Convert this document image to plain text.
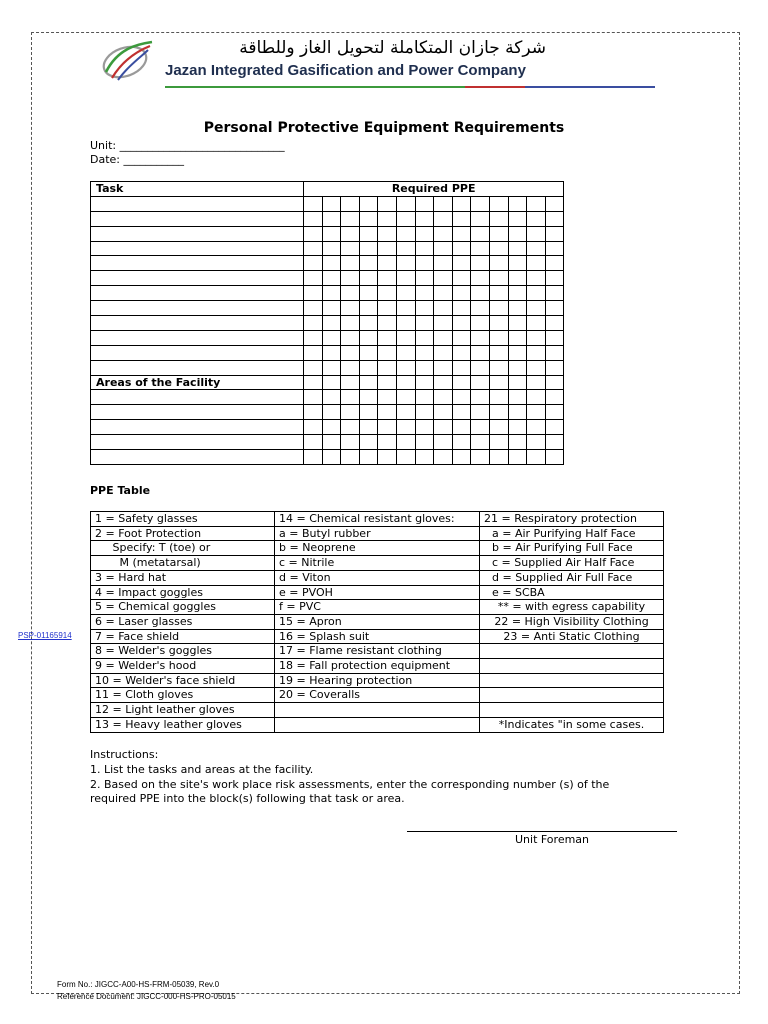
شركة جازان المتكاملة لتحويل الغاز وللطاقة
Jazan Integrated Gasification and Power Company
Personal Protective Equipment Requirements
Unit: ______________________________
Date: ___________
Task	Required PPE													

Areas of the Facility														

PPE Table
1 = Safety glasses	14 = Chemical resistant gloves:	21 = Respiratory protection
2 = Foot Protection	a = Butyl rubber	a = Air Purifying Half Face
Specify: T (toe) or	b = Neoprene	b = Air Purifying Full Face
M (metatarsal)	c = Nitrile	c = Supplied Air Half Face
3 = Hard hat	d = Viton	d = Supplied Air Full Face
4 = Impact goggles	e = PVOH	e = SCBA
5 = Chemical goggles	f = PVC	** = with egress capability
6 = Laser glasses	15 = Apron	22 = High Visibility Clothing
7 = Face shield	16 = Splash suit	23 = Anti Static Clothing
8 = Welder's goggles	17 = Flame resistant clothing	
9 = Welder's hood	18 = Fall protection equipment	
10 = Welder's face shield	19 = Hearing protection	
11 = Cloth gloves	20 = Coveralls	
12 = Light leather gloves		
13 = Heavy leather gloves		*Indicates "in some cases.
PSP-01165914
Instructions:
1. List the tasks and areas at the facility.
2. Based on the site's work place risk assessments, enter the corresponding number (s) of the
required PPE into the block(s) following that task or area.
Unit Foreman
Form No.: JIGCC-A00-HS-FRM-05039, Rev.0
Reference Document: JIGCC-000-HS-PRO-05015
